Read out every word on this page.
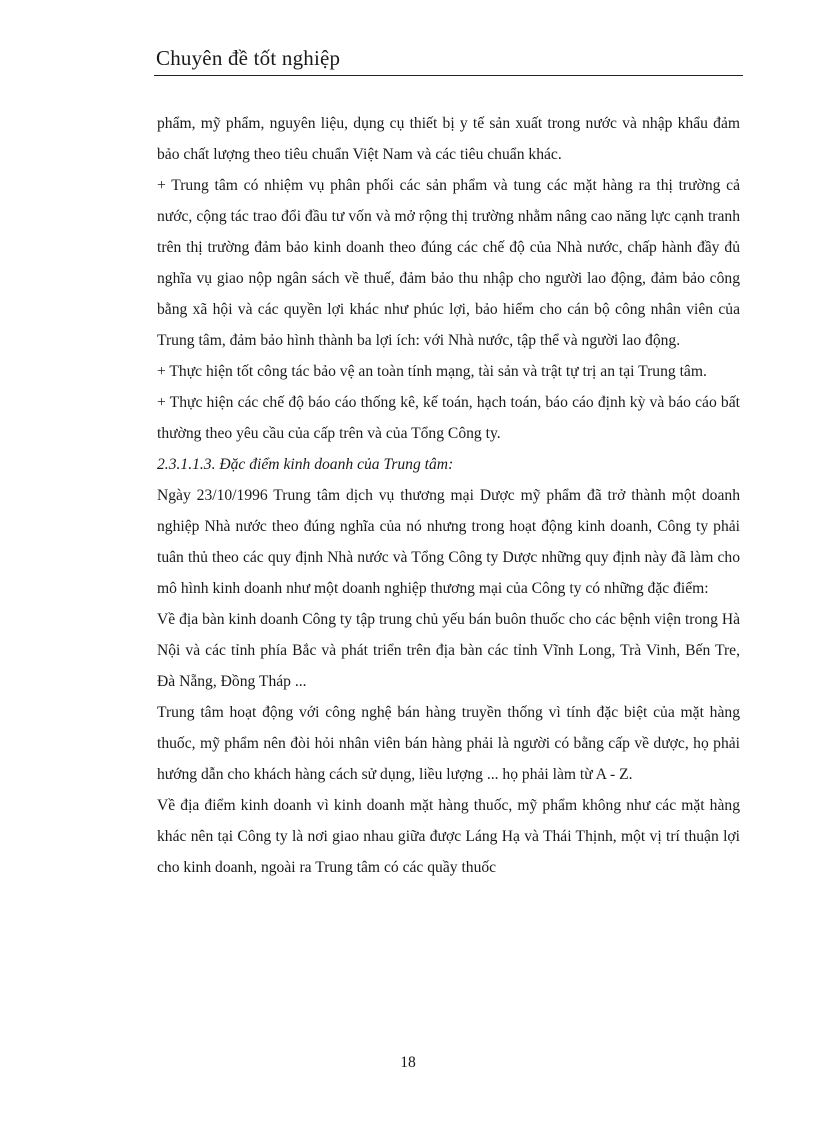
Chuyên đề tốt nghiệp

phẩm, mỹ phẩm, nguyên liệu, dụng cụ thiết bị y tế sản xuất trong nước và nhập khẩu đảm bảo chất lượng theo tiêu chuẩn Việt Nam và các tiêu chuẩn khác.

+ Trung tâm có nhiệm vụ phân phối các sản phẩm và tung các mặt hàng ra thị trường cả nước, cộng tác trao đổi đầu tư vốn và mở rộng thị trường nhằm nâng cao năng lực cạnh tranh trên thị trường đảm bảo kinh doanh theo đúng các chế độ của Nhà nước, chấp hành đầy đủ nghĩa vụ giao nộp ngân sách về thuế, đảm bảo thu nhập cho người lao động, đảm bảo công bằng xã hội và các quyền lợi khác như phúc lợi, bảo hiểm cho cán bộ công nhân viên của Trung tâm, đảm bảo hình thành ba lợi ích: với Nhà nước, tập thể và người lao động.

+ Thực hiện tốt công tác bảo vệ an toàn tính mạng, tài sản và trật tự trị an tại Trung tâm.

+ Thực hiện các chế độ báo cáo thống kê, kế toán, hạch toán, báo cáo định kỳ và báo cáo bất thường theo yêu cầu của cấp trên và của Tổng Công ty.

2.3.1.1.3. Đặc điểm kinh doanh của Trung tâm:

Ngày 23/10/1996 Trung tâm dịch vụ thương mại Dược mỹ phẩm đã trở thành một doanh nghiệp Nhà nước theo đúng nghĩa của nó nhưng trong hoạt động kinh doanh, Công ty phải tuân thủ theo các quy định Nhà nước và Tổng Công ty Dược những quy định này đã làm cho mô hình kinh doanh như một doanh nghiệp thương mại của Công ty có những đặc điểm:

Về địa bàn kinh doanh Công ty tập trung chủ yếu bán buôn thuốc cho các bệnh viện trong Hà Nội và các tỉnh phía Bắc và phát triển trên địa bàn các tỉnh Vĩnh Long, Trà Vinh, Bến Tre, Đà Nẵng, Đồng Tháp ...

Trung tâm hoạt động với công nghệ bán hàng truyền thống vì tính đặc biệt của mặt hàng thuốc, mỹ phẩm nên đòi hỏi nhân viên bán hàng phải là người có bằng cấp về dược, họ phải hướng dẫn cho khách hàng cách sử dụng, liều lượng ... họ phải làm từ A - Z.

Về địa điểm kinh doanh vì kinh doanh mặt hàng thuốc, mỹ phẩm không như các mặt hàng khác nên tại Công ty là nơi giao nhau giữa được Láng Hạ và Thái Thịnh, một vị trí thuận lợi cho kinh doanh, ngoài ra Trung tâm có các quầy thuốc

18
